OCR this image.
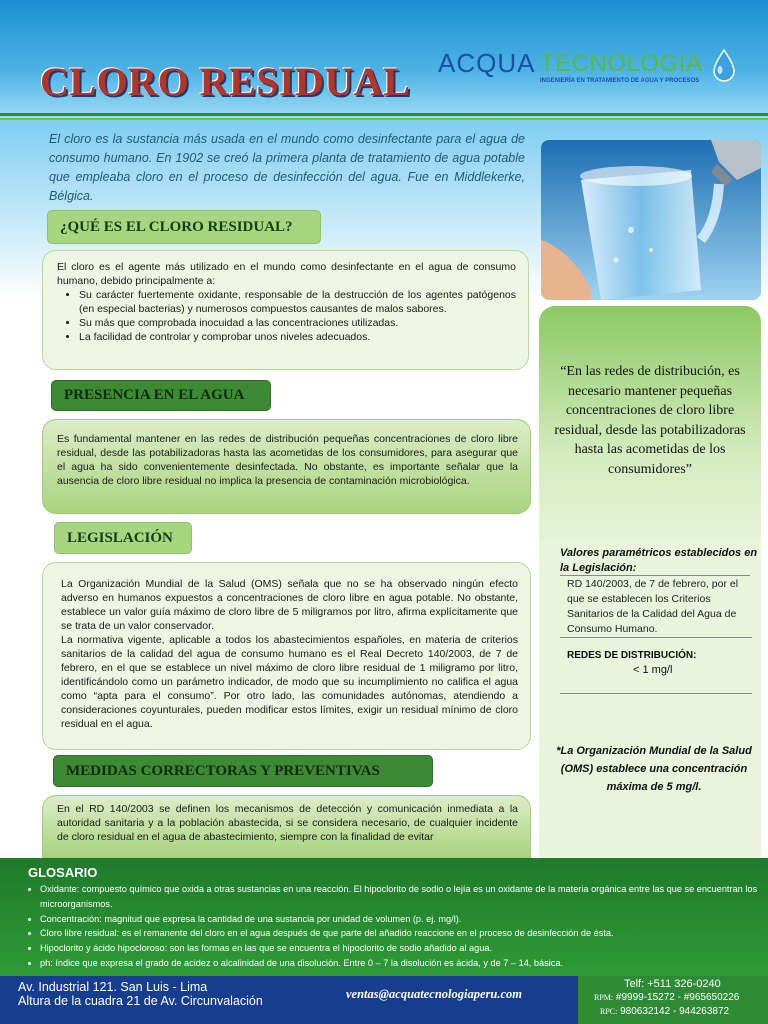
CLORO RESIDUAL ACQUA TECNOLOGIA
INGENIERÍA EN TRATAMIENTO DE AGUA Y PROCESOS

El cloro es la sustancia más usada en el mundo como desinfectante para el agua de consumo humano. En 1902 se creó la primera planta de tratamiento de agua potable que empleaba cloro en el proceso de desinfección del agua. Fue en Middlekerke, Bélgica.

¿QUÉ ES EL CLORO RESIDUAL?

El cloro es el agente más utilizado en el mundo como desinfectante en el agua de consumo humano, debido principalmente a:

• Su carácter fuertemente oxidante, responsable de la destrucción de los agentes patógenos (en especial bacterias) y numerosos compuestos causantes de malos sabores.
• Su más que comprobada inocuidad a las concentraciones utilizadas.
• La facilidad de controlar y comprobar unos niveles adecuados.
PRESENCIA EN EL AGUA

Es fundamental mantener en las redes de distribución pequeñas concentraciones de cloro libre residual, desde las potabilizadoras hasta las acometidas de los consumidores, para asegurar que el agua ha sido convenientemente desinfectada. No obstante, es importante señalar que la ausencia de cloro libre residual no implica la presencia de contaminación microbiológica.

LEGISLACIÓN

La Organización Mundial de la Salud (OMS) señala que no se ha observado ningún efecto adverso en humanos expuestos a concentraciones de cloro libre en agua potable. No obstante, establece un valor guía máximo de cloro libre de 5 miligramos por litro, afirma explícitamente que se trata de un valor conservador.

La normativa vigente, aplicable a todos los abastecimientos españoles, en materia de criterios sanitarios de la calidad del agua de consumo humano es el Real Decreto 140/2003, de 7 de febrero, en el que se establece un nivel máximo de cloro libre residual de 1 miligramo por litro, identificándolo como un parámetro indicador, de modo que su incumplimiento no califica el agua como “apta para el consumo”. Por otro lado, las comunidades autónomas, atendiendo a consideraciones coyunturales, pueden modificar estos límites, exigir un residual mínimo de cloro residual en el agua.

MEDIDAS CORRECTORAS Y PREVENTIVAS

En el RD 140/2003 se definen los mecanismos de detección y comunicación inmediata a la autoridad sanitaria y a la población abastecida, si se considera necesario, de cualquier incidente de cloro residual en el agua de abastecimiento, siempre con la finalidad de evitar

“En las redes de distribución, es necesario mantener pequeñas concentraciones de cloro libre residual, desde las potabilizadoras hasta las acometidas de los consumidores”

Valores paramétricos establecidos en la Legislación:

RD 140/2003, de 7 de febrero, por el que se establecen los Criterios Sanitarios de la Calidad del Agua de Consumo Humano.

REDES DE DISTRIBUCIÓN:

< 1 mg/l

*La Organización Mundial de la Salud (OMS) establece una concentración máxima de 5 mg/l.

GLOSARIO

• Oxidante: compuesto químico que oxida a otras sustancias en una reacción. El hipoclorito de sodio o lejía es un oxidante de la materia orgánica entre las que se encuentran los microorganismos.
• Concentración: magnitud que expresa la cantidad de una sustancia por unidad de volumen (p. ej. mg/l).
• Cloro libre residual: es el remanente del cloro en el agua después de que parte del añadido reaccione en el proceso de desinfección de ésta.
• Hipoclorito y ácido hipocloroso: son las formas en las que se encuentra el hipoclorito de sodio añadido al agua.
• ph: índice que expresa el grado de acidez o alcalinidad de una disolución. Entre 0 – 7 la disolución es ácida, y de 7 – 14, básica.

Av. Industrial 121. San Luis - Lima

Altura de la cuadra 21 de Av. Circunvalación	ventas@acquatecnologiaperu.com

Telf: +511 326-0240

RPM: #9999-15272 - #965650226

RPC: 980632142 - 944263872
